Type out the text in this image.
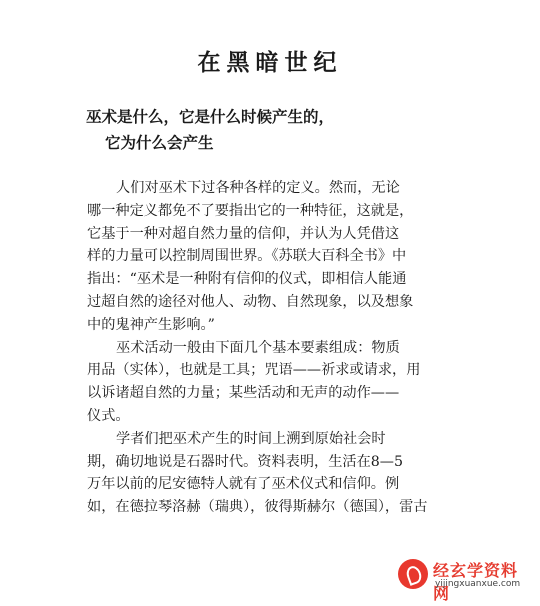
在黑暗世纪
巫术是什么，它是什么时候产生的，
它为什么会产生

人们对巫术下过各种各样的定义。然而，无论
哪一种定义都免不了要指出它的一种特征，这就是，
它基于一种对超自然力量的信仰，并认为人凭借这
样的力量可以控制周围世界。《苏联大百科全书》中
指出：“巫术是一种附有信仰的仪式，即相信人能通
过超自然的途径对他人、动物、自然现象，以及想象
中的鬼神产生影响。”

巫术活动一般由下面几个基本要素组成：物质
用品（实体），也就是工具；咒语——祈求或请求，用
以诉诸超自然的力量；某些活动和无声的动作——
仪式。

学者们把巫术产生的时间上溯到原始社会时
期，确切地说是石器时代。资料表明，生活在8—5
万年以前的尼安德特人就有了巫术仪式和信仰。例
如，在德拉琴洛赫（瑞典），彼得斯赫尔（德国），雷古

经玄学资料网
yijingxuanxue.com
